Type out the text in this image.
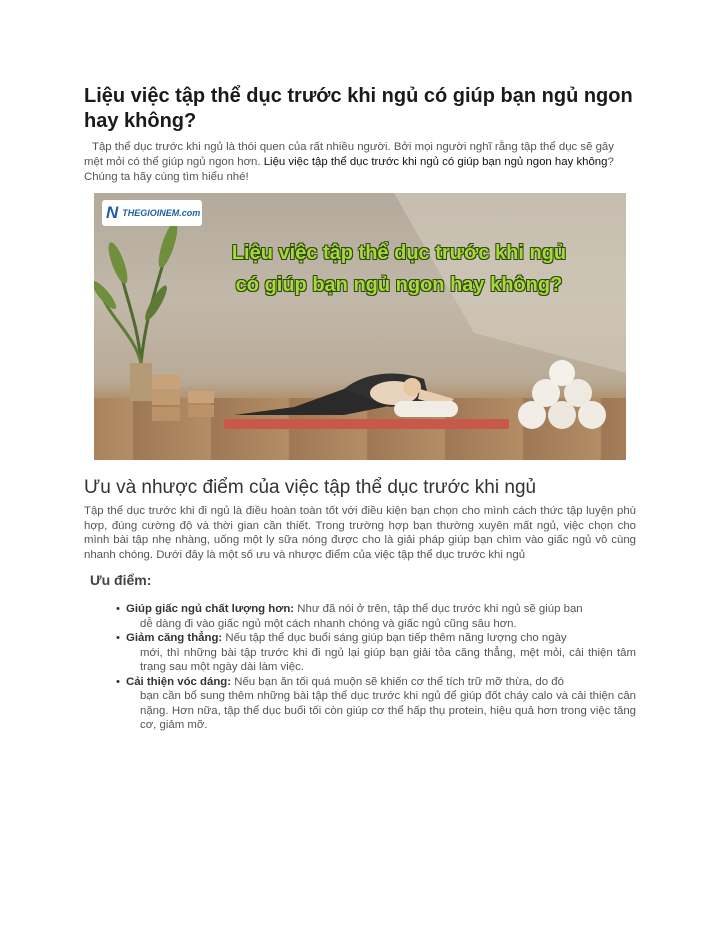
Liệu việc tập thể dục trước khi ngủ có giúp bạn ngủ ngon hay không?

Tập thể dục trước khi ngủ là thói quen của rất nhiều người. Bởi mọi người nghĩ rằng tập thể dục sẽ gây mệt mỏi có thể giúp ngủ ngon hơn. Liệu việc tập thể dục trước khi ngủ có giúp bạn ngủ ngon hay không? Chúng ta hãy cùng tìm hiểu nhé!

N THEGIOINEM.com
Liệu việc tập thể dục trước khi ngủ
có giúp bạn ngủ ngon hay không?
Ưu và nhược điểm của việc tập thể dục trước khi ngủ

Tập thể dục trước khi đi ngủ là điều hoàn toàn tốt với điều kiện bạn chọn cho mình cách thức tập luyện phù hợp, đúng cường độ và thời gian cần thiết. Trong trường hợp bạn thường xuyên mất ngủ, việc chọn cho mình bài tập nhẹ nhàng, uống một ly sữa nóng được cho là giải pháp giúp bạn chìm vào giấc ngủ vô cùng nhanh chóng. Dưới đây là một số ưu và nhược điểm của việc tập thể dục trước khi ngủ

Ưu điểm:
• Giúp giấc ngủ chất lượng hơn: Như đã nói ở trên, tập thể dục trước khi ngủ sẽ giúp bạn
dễ dàng đi vào giấc ngủ một cách nhanh chóng và giấc ngủ cũng sâu hơn.
• Giảm căng thẳng: Nếu tập thể dục buổi sáng giúp bạn tiếp thêm năng lượng cho ngày
mới, thì những bài tập trước khi đi ngủ lại giúp bạn giải tỏa căng thẳng, mệt mỏi, cải thiện tâm trạng sau một ngày dài làm việc.
• Cải thiện vóc dáng: Nếu bạn ăn tối quá muộn sẽ khiến cơ thể tích trữ mỡ thừa, do đó
bạn cần bổ sung thêm những bài tập thể dục trước khi ngủ để giúp đốt cháy calo và cải thiện cân nặng. Hơn nữa, tập thể dục buổi tối còn giúp cơ thể hấp thụ protein, hiệu quả hơn trong việc tăng cơ, giảm mỡ.
